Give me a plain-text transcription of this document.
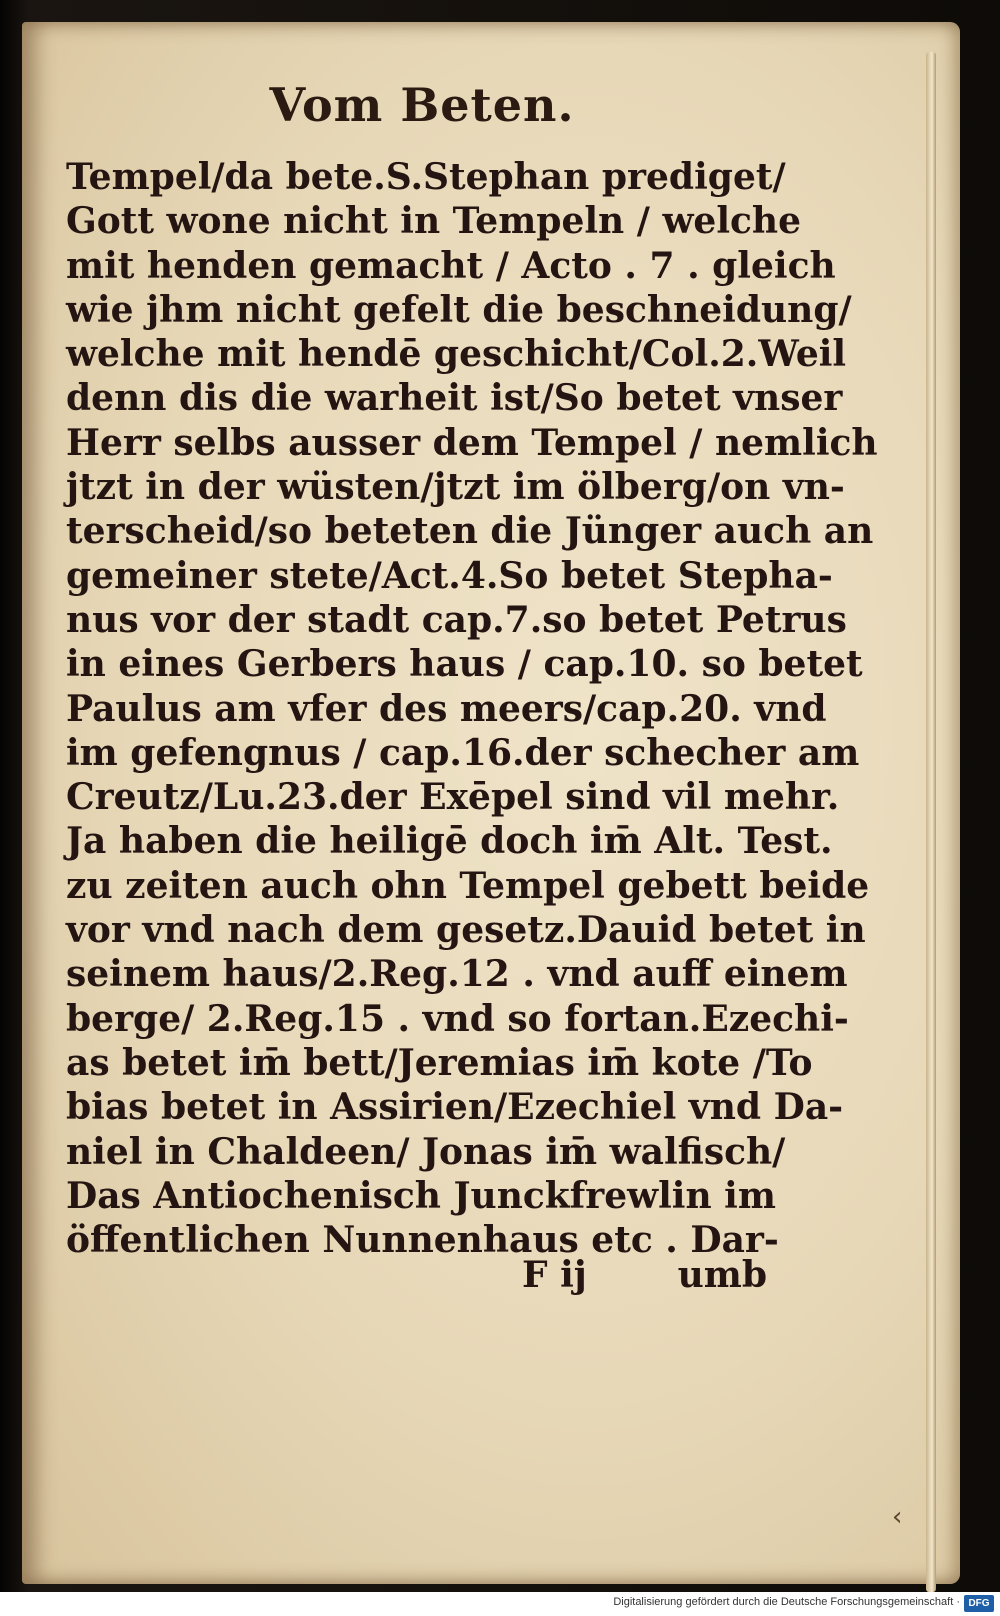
Vom Beten.
Tempel/da bete.S.Stephan prediget/
Gott wone nicht in Tempeln / welche
mit henden gemacht / Acto . 7 . gleich
wie jhm nicht gefelt die beschneidung/
welche mit hendē geschicht/Col.2.Weil
denn dis die warheit ist/So betet vnser
Herr selbs ausser dem Tempel / nemlich
jtzt in der wüsten/jtzt im ölberg/on vn-
terscheid/so beteten die Jünger auch an
gemeiner stete/Act.4.So betet Stepha-
nus vor der stadt cap.7.so betet Petrus
in eines Gerbers haus / cap.10. so betet
Paulus am vfer des meers/cap.20. vnd
im gefengnus / cap.16.der schecher am
Creutz/Lu.23.der Exēpel sind vil mehr.
Ja haben die heiligē doch im̄ Alt. Test.
zu zeiten auch ohn Tempel gebett beide
vor vnd nach dem gesetz.Dauid betet in
seinem haus/2.Reg.12 . vnd auff einem
berge/ 2.Reg.15 . vnd so fortan.Ezechi-
as betet im̄ bett/Jeremias im̄ kote /To
bias betet in Assirien/Ezechiel vnd Da-
niel in Chaldeen/ Jonas im̄ walfisch/
Das Antiochenisch Junckfrewlin im
öffentlichen Nunnenhaus etc . Dar-
F ij	umb
‹
Digitalisierung gefördert durch die Deutsche Forschungsgemeinschaft · DFG
